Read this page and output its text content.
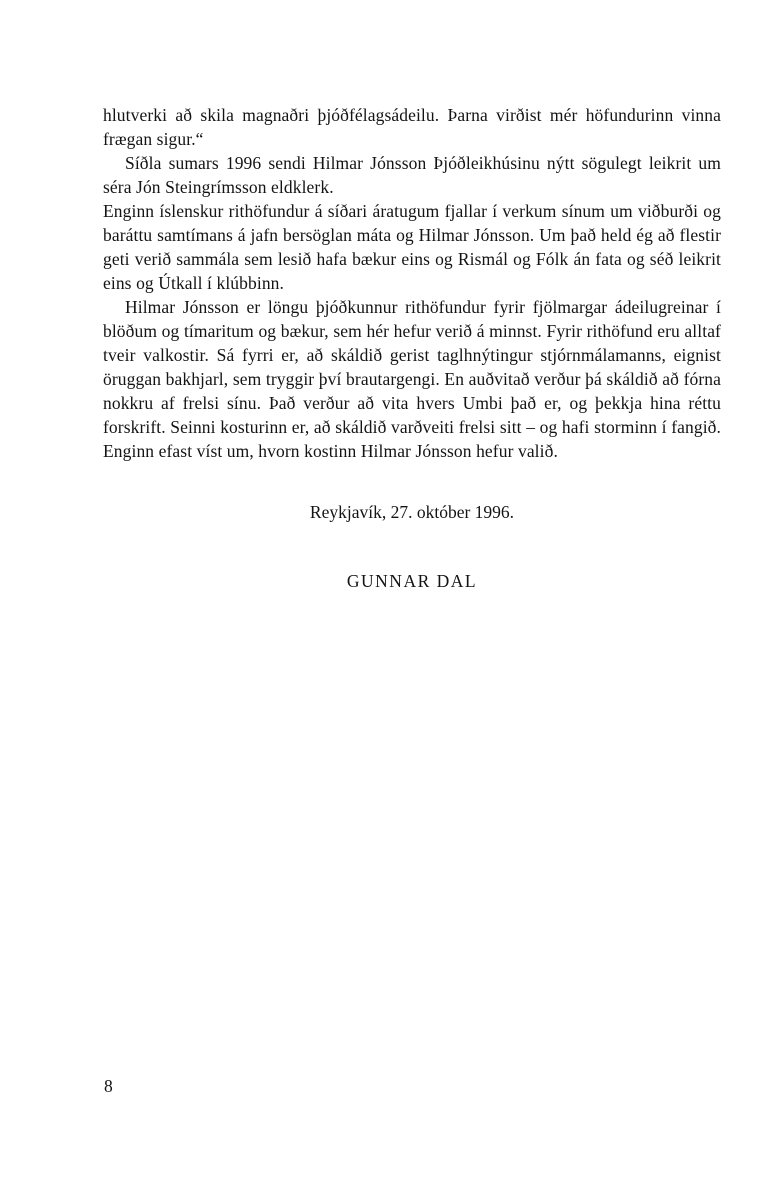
hlutverki að skila magnaðri þjóðfélagsádeilu. Þarna virðist mér höfundurinn vinna frægan sigur.“

Síðla sumars 1996 sendi Hilmar Jónsson Þjóðleikhúsinu nýtt sögulegt leikrit um séra Jón Steingrímsson eldklerk.

Enginn íslenskur rithöfundur á síðari áratugum fjallar í verkum sínum um viðburði og baráttu samtímans á jafn bersöglan máta og Hilmar Jónsson. Um það held ég að flestir geti verið sammála sem lesið hafa bækur eins og Rismál og Fólk án fata og séð leikrit eins og Útkall í klúbbinn.

Hilmar Jónsson er löngu þjóðkunnur rithöfundur fyrir fjölmargar ádeilugreinar í blöðum og tímaritum og bækur, sem hér hefur verið á minnst. Fyrir rithöfund eru alltaf tveir valkostir. Sá fyrri er, að skáldið gerist taglhnýtingur stjórnmálamanns, eignist öruggan bakhjarl, sem tryggir því brautargengi. En auðvitað verður þá skáldið að fórna nokkru af frelsi sínu. Það verður að vita hvers Umbi það er, og þekkja hina réttu forskrift. Seinni kosturinn er, að skáldið varðveiti frelsi sitt – og hafi storminn í fangið. Enginn efast víst um, hvorn kostinn Hilmar Jónsson hefur valið.

Reykjavík, 27. október 1996.
GUNNAR DAL
8
